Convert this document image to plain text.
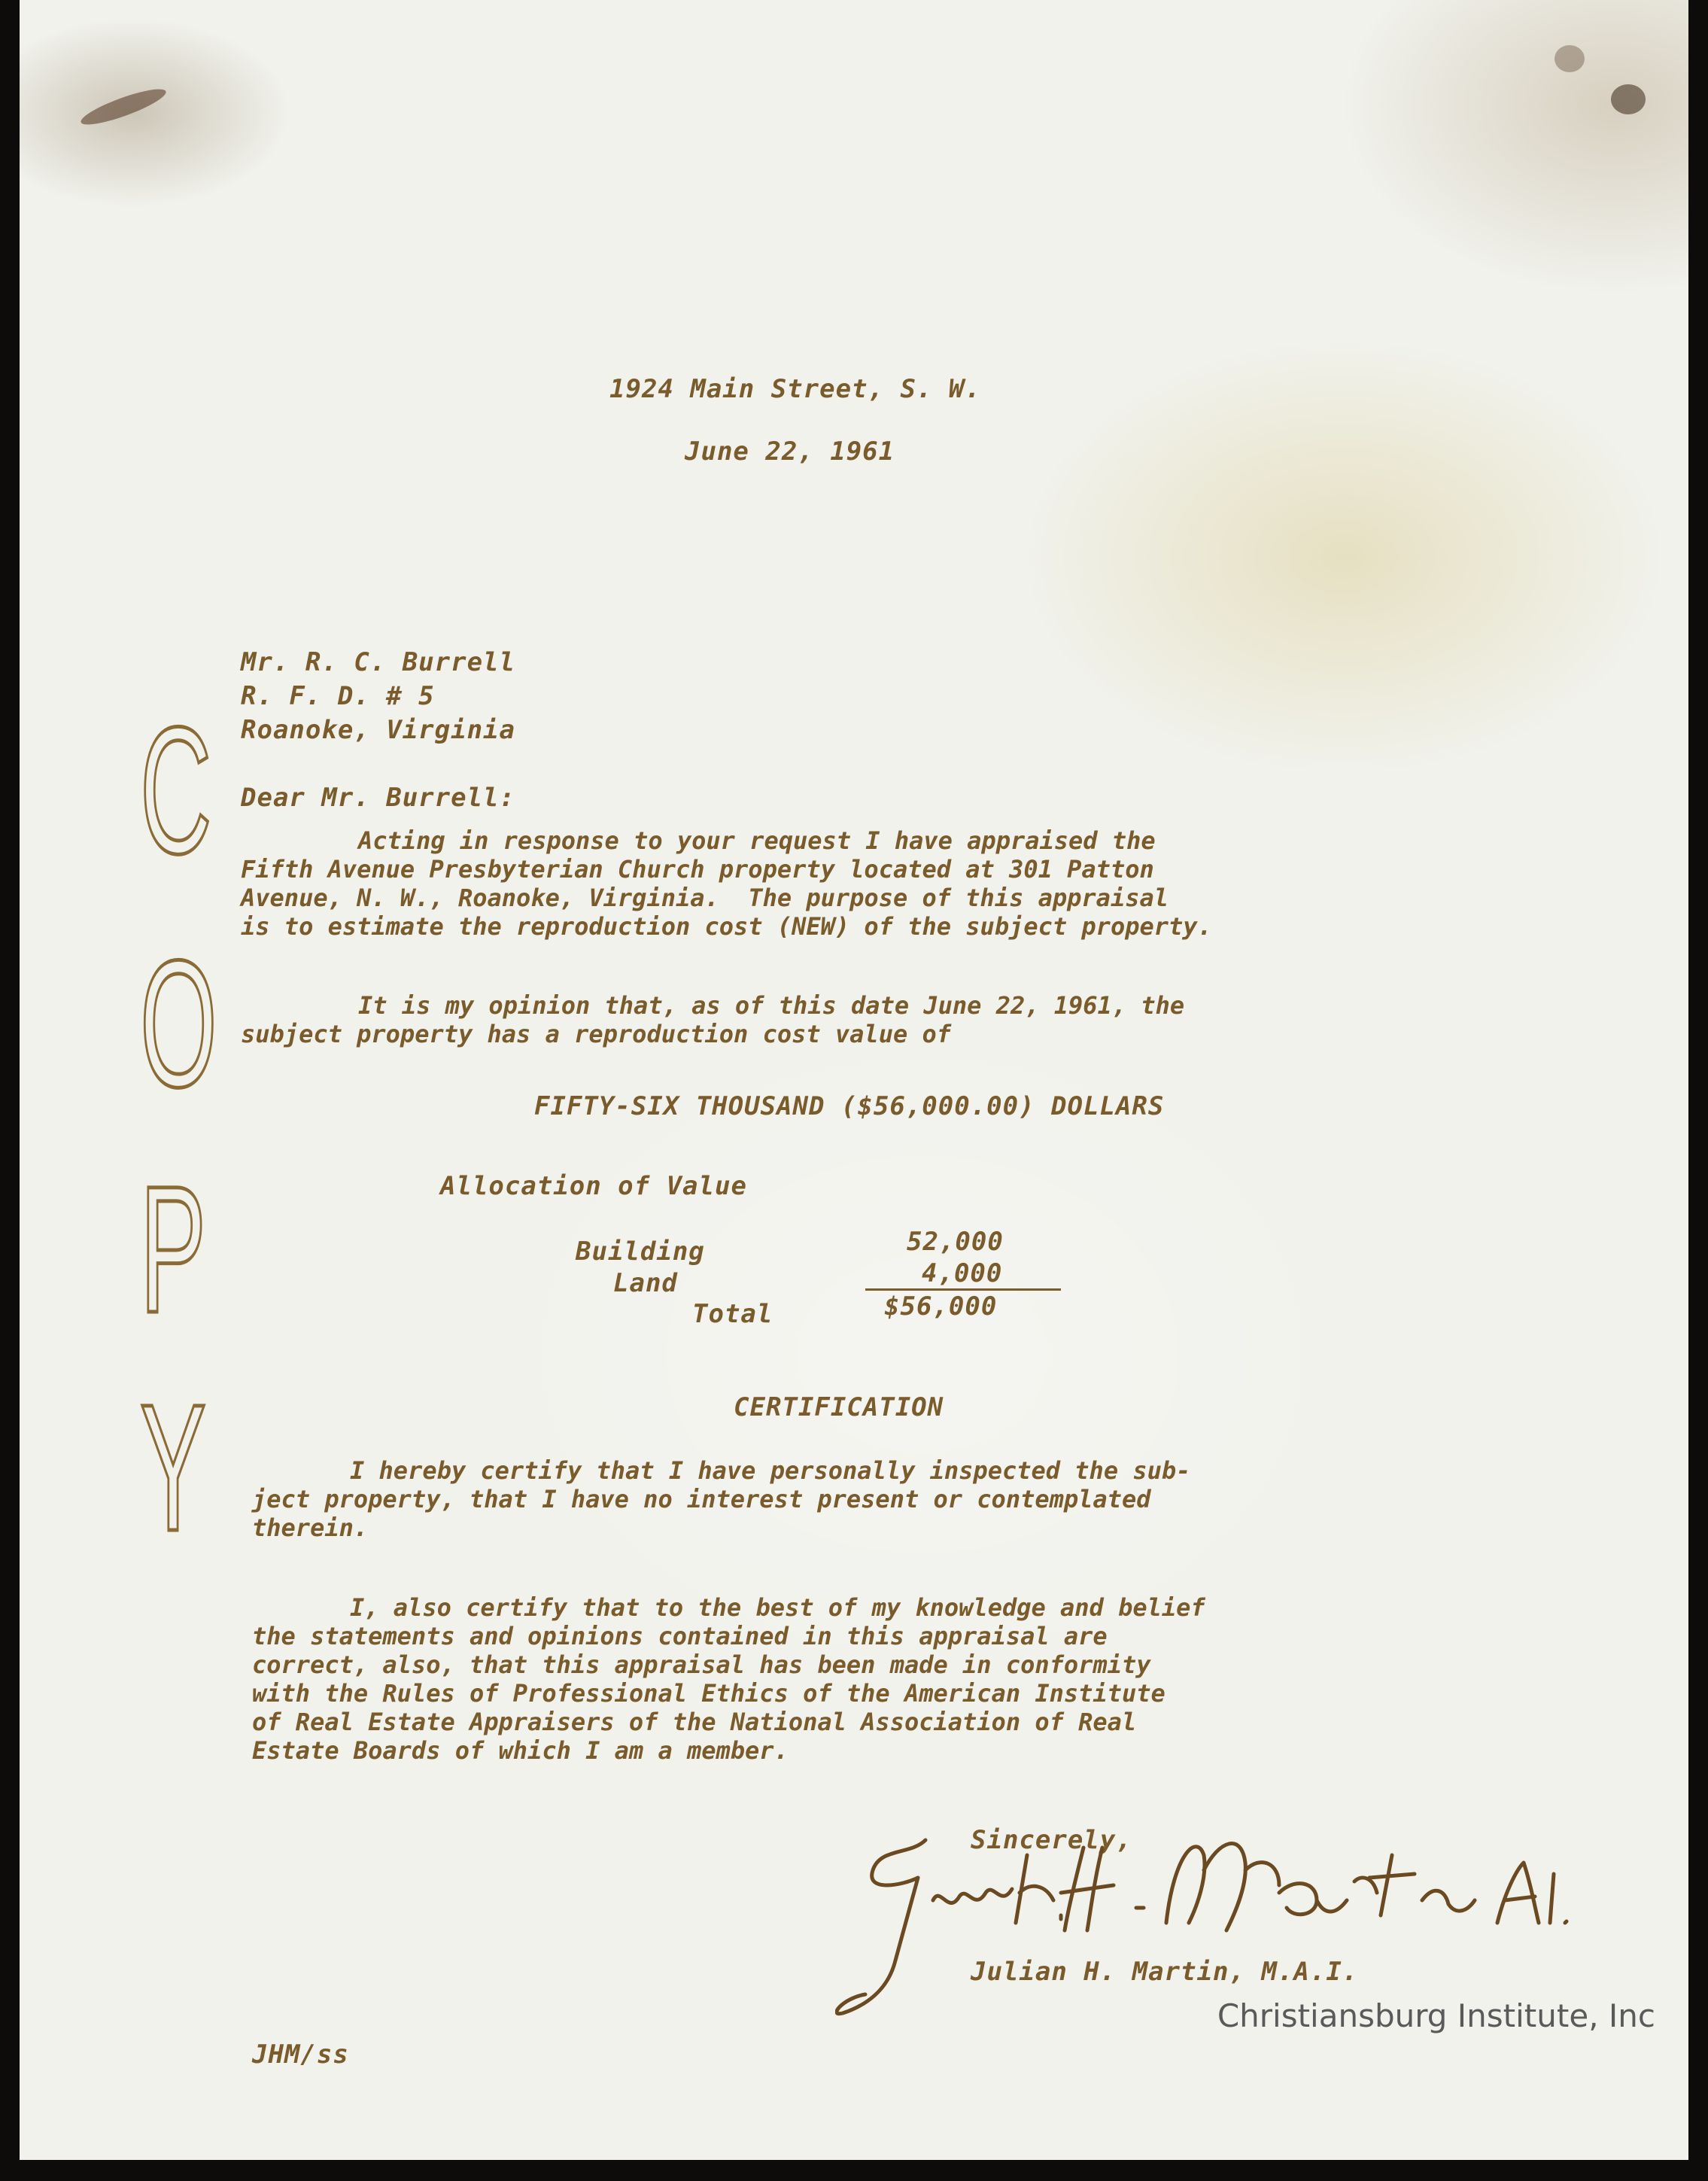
1924 Main Street, S. W.
June 22, 1961
Mr. R. C. Burrell
R. F. D. # 5
Roanoke, Virginia
C
O
P
Y
Dear Mr. Burrell:
Acting in response to your request I have appraised the
Fifth Avenue Presbyterian Church property located at 301 Patton
Avenue, N. W., Roanoke, Virginia.  The purpose of this appraisal
is to estimate the reproduction cost (NEW) of the subject property.
It is my opinion that, as of this date June 22, 1961, the
subject property has a reproduction cost value of
FIFTY-SIX THOUSAND ($56,000.00) DOLLARS
Allocation of Value
Building	52,000
Land	4,000
Total	$56,000
CERTIFICATION
I hereby certify that I have personally inspected the sub-
ject property, that I have no interest present or contemplated
therein.
I, also certify that to the best of my knowledge and belief
the statements and opinions contained in this appraisal are
correct, also, that this appraisal has been made in conformity
with the Rules of Professional Ethics of the American Institute
of Real Estate Appraisers of the National Association of Real
Estate Boards of which I am a member.
Sincerely,
Julian H. Martin, M.A.I.
JHM/ss
Christiansburg Institute, Inc
